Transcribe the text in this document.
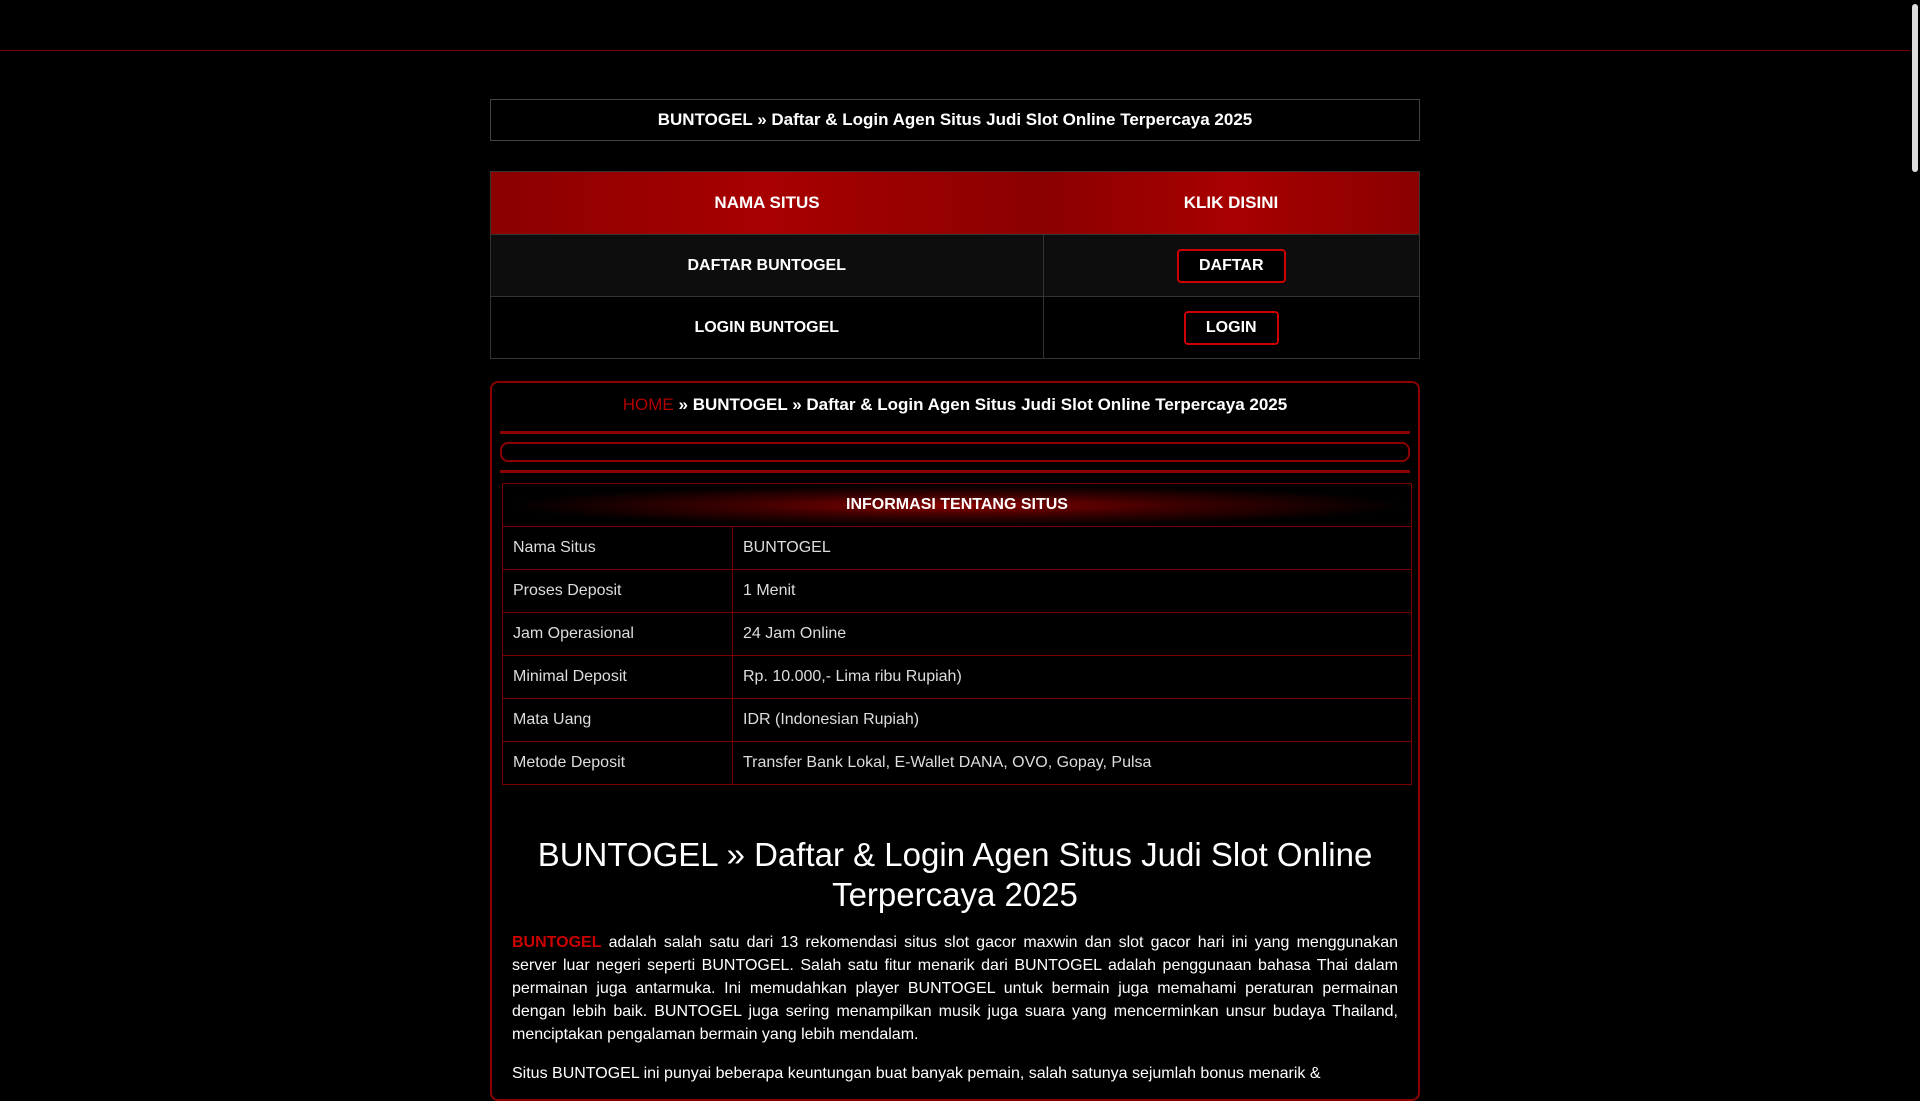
BUNTOGEL » Daftar & Login Agen Situs Judi Slot Online Terpercaya 2025
NAMA SITUS	KLIK DISINI
DAFTAR BUNTOGEL	DAFTAR
LOGIN BUNTOGEL	LOGIN
HOME » BUNTOGEL » Daftar & Login Agen Situs Judi Slot Online Terpercaya 2025
INFORMASI TENTANG SITUS	
Nama Situs	BUNTOGEL
Proses Deposit	1 Menit
Jam Operasional	24 Jam Online
Minimal Deposit	Rp. 10.000,- Lima ribu Rupiah)
Mata Uang	IDR (Indonesian Rupiah)
Metode Deposit	Transfer Bank Lokal, E-Wallet DANA, OVO, Gopay, Pulsa
BUNTOGEL » Daftar & Login Agen Situs Judi Slot Online Terpercaya 2025

BUNTOGEL adalah salah satu dari 13 rekomendasi situs slot gacor maxwin dan slot gacor hari ini yang menggunakan server luar negeri seperti BUNTOGEL. Salah satu fitur menarik dari BUNTOGEL adalah penggunaan bahasa Thai dalam permainan juga antarmuka. Ini memudahkan player BUNTOGEL untuk bermain juga memahami peraturan permainan dengan lebih baik. BUNTOGEL juga sering menampilkan musik juga suara yang mencerminkan unsur budaya Thailand, menciptakan pengalaman bermain yang lebih mendalam.

Situs BUNTOGEL ini punyai beberapa keuntungan buat banyak pemain, salah satunya sejumlah bonus menarik &
